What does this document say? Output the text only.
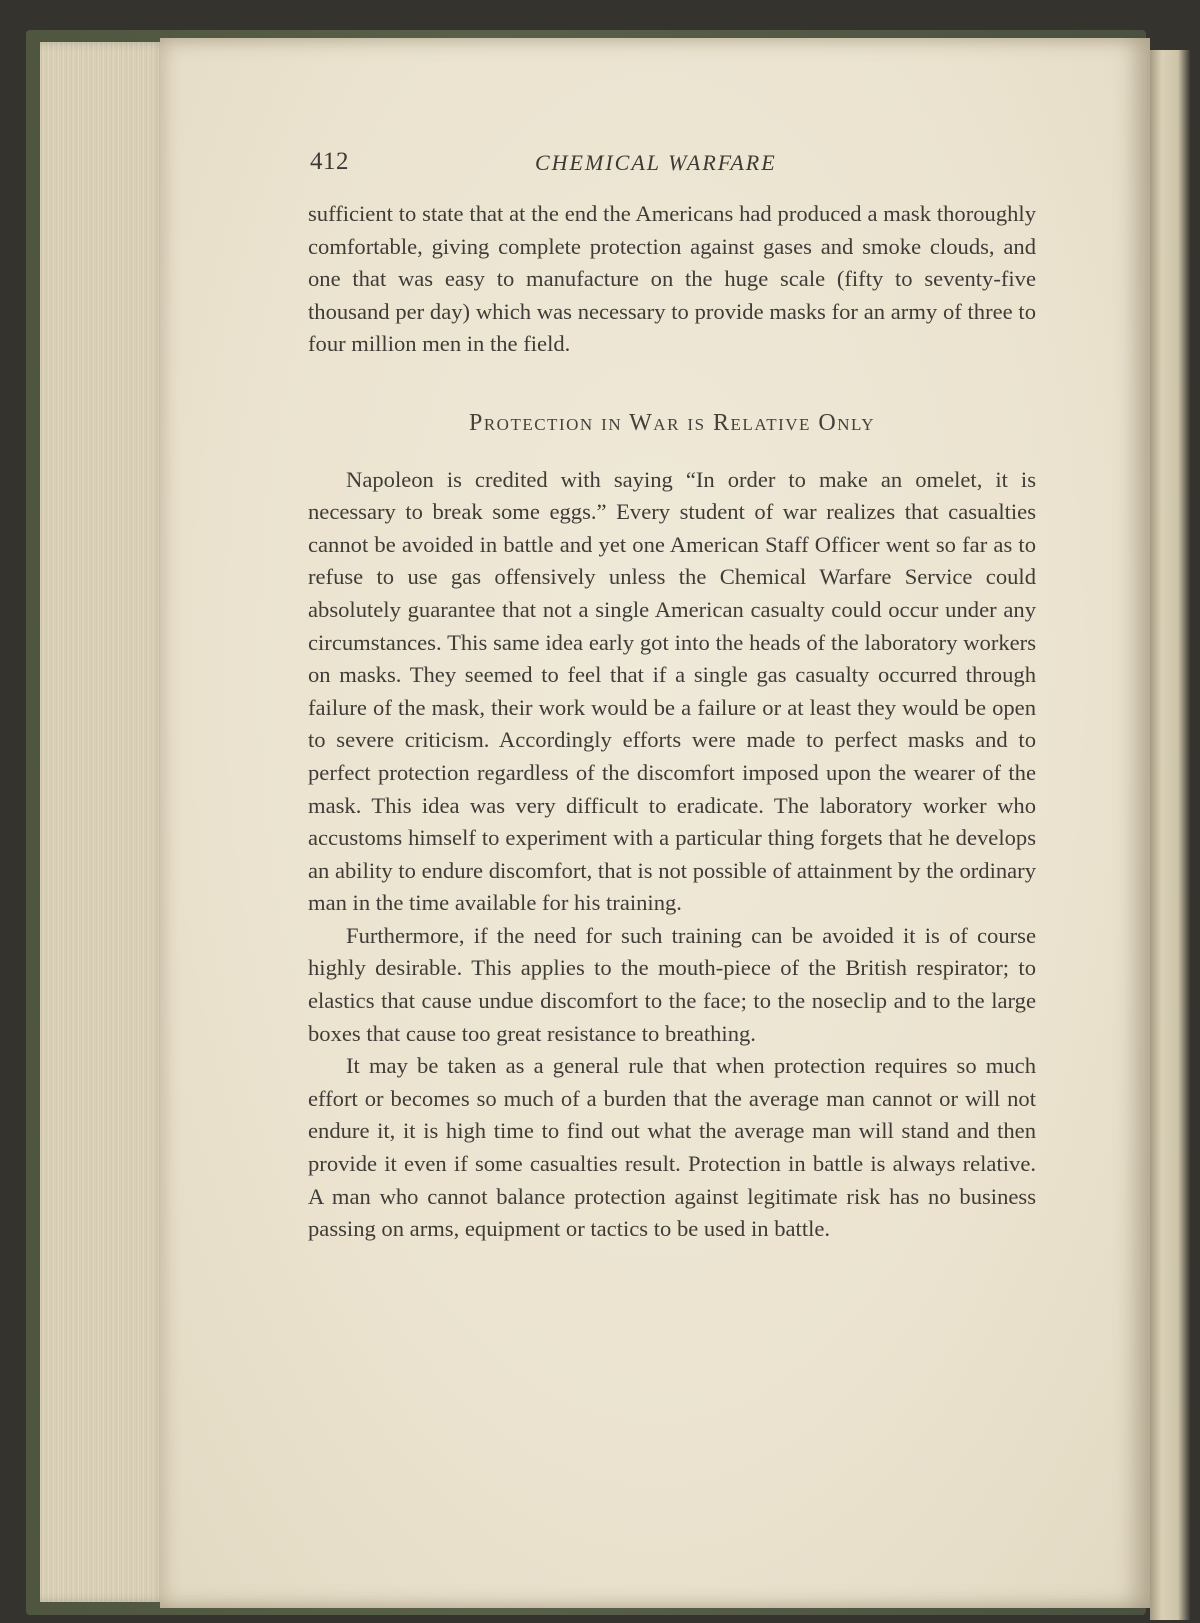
412	CHEMICAL WARFARE

sufficient to state that at the end the Americans had produced a mask thoroughly comfortable, giving complete protection against gases and smoke clouds, and one that was easy to manufacture on the huge scale (fifty to seventy-five thousand per day) which was necessary to provide masks for an army of three to four million men in the field.

Protection in War is Relative Only

Napoleon is credited with saying “In order to make an omelet, it is necessary to break some eggs.” Every student of war realizes that casualties cannot be avoided in battle and yet one American Staff Officer went so far as to refuse to use gas offensively unless the Chemical Warfare Service could absolutely guarantee that not a single American casualty could occur under any circumstances. This same idea early got into the heads of the laboratory workers on masks. They seemed to feel that if a single gas casualty occurred through failure of the mask, their work would be a failure or at least they would be open to severe criticism. Accordingly efforts were made to perfect masks and to perfect protection regardless of the discomfort imposed upon the wearer of the mask. This idea was very difficult to eradicate. The laboratory worker who accustoms himself to experiment with a particular thing forgets that he develops an ability to endure discomfort, that is not possible of attainment by the ordinary man in the time available for his training.

Furthermore, if the need for such training can be avoided it is of course highly desirable. This applies to the mouth-piece of the British respirator; to elastics that cause undue discomfort to the face; to the noseclip and to the large boxes that cause too great resistance to breathing.

It may be taken as a general rule that when protection requires so much effort or becomes so much of a burden that the average man cannot or will not endure it, it is high time to find out what the average man will stand and then provide it even if some casualties result. Protection in battle is always relative. A man who cannot balance protection against legitimate risk has no business passing on arms, equipment or tactics to be used in battle.
